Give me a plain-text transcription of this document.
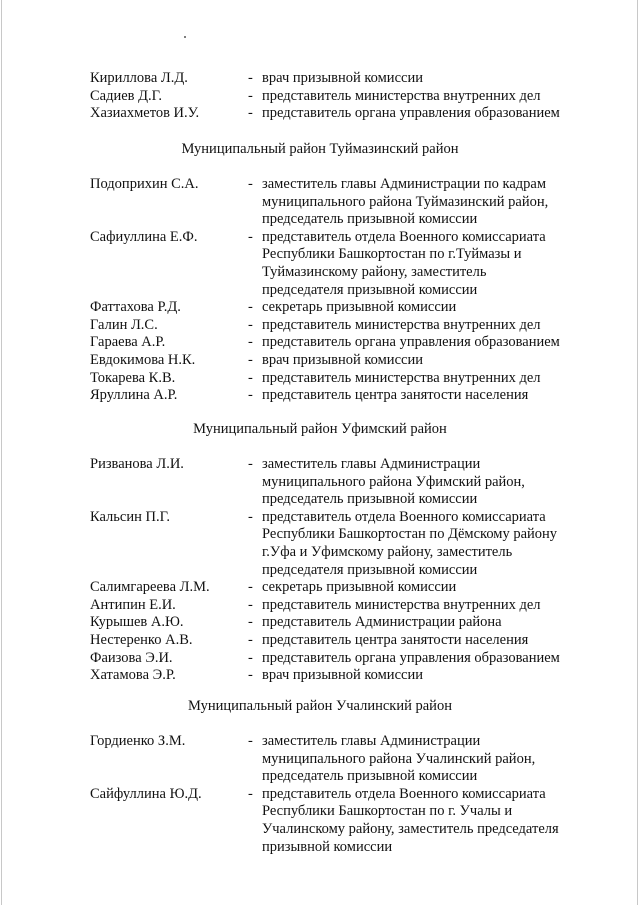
Кириллова Л.Д.	- врач призывной комиссии
Садиев Д.Г.	- представитель министерства внутренних дел
Хазиахметов И.У.	- представитель органа управления образованием
Муниципальный район Туймазинский район
Подоприхин С.А.	- заместитель главы Администрации по кадрам
муниципального района Туймазинский район,
председатель призывной комиссии
Сафиуллина Е.Ф.	- представитель отдела Военного комиссариата
Республики Башкортостан по г.Туймазы и
Туймазинскому району, заместитель
председателя призывной комиссии
Фаттахова Р.Д.	- секретарь призывной комиссии
Галин Л.С.	- представитель министерства внутренних дел
Гараева А.Р.	- представитель органа управления образованием
Евдокимова Н.К.	- врач призывной комиссии
Токарева К.В.	- представитель министерства внутренних дел
Яруллина А.Р.	- представитель центра занятости населения
Муниципальный район Уфимский район
Ризванова Л.И.	- заместитель главы Администрации
муниципального района Уфимский район,
председатель призывной комиссии
Кальсин П.Г.	- представитель отдела Военного комиссариата
Республики Башкортостан по Дёмскому району
г.Уфа и Уфимскому району, заместитель
председателя призывной комиссии
Салимгареева Л.М.	- секретарь призывной комиссии
Антипин Е.И.	- представитель министерства внутренних дел
Курышев А.Ю.	- представитель Администрации района
Нестеренко А.В.	- представитель центра занятости населения
Фаизова Э.И.	- представитель органа управления образованием
Хатамова Э.Р.	- врач призывной комиссии
Муниципальный район Учалинский район
Гордиенко З.М.	- заместитель главы Администрации
муниципального района Учалинский район,
председатель призывной комиссии
Сайфуллина Ю.Д.	- представитель отдела Военного комиссариата
Республики Башкортостан по г. Учалы и
Учалинскому району, заместитель председателя
призывной комиссии
